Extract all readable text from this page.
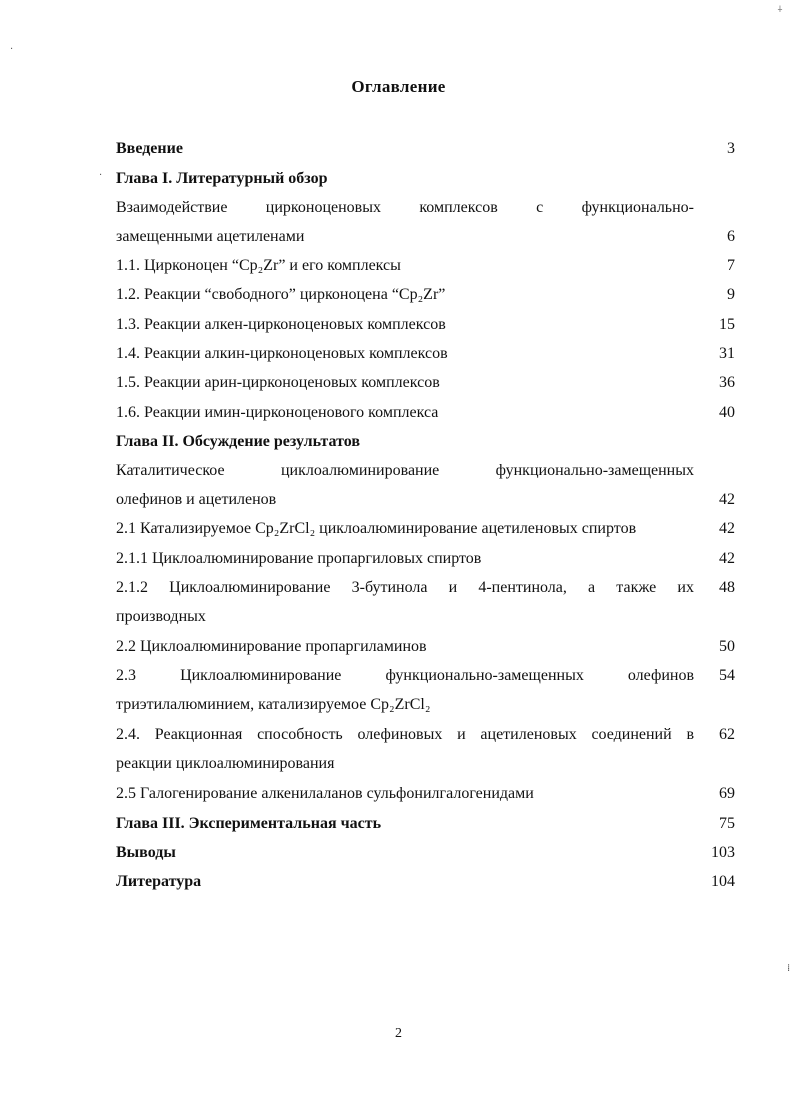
⍭
·
·
⁞
Оглавление
Введение	3
Глава I. Литературный обзор
Взаимодействие цирконоценовых комплексов с функционально-
замещенными ацетиленами	6
1.1. Цирконоцен “Cp₂Zr” и его комплексы	7
1.2. Реакции “свободного” цирконоцена “Cp₂Zr”	9
1.3. Реакции алкен-цирконоценовых комплексов	15
1.4. Реакции алкин-цирконоценовых комплексов	31
1.5. Реакции арин-цирконоценовых комплексов	36
1.6. Реакции имин-цирконоценового комплекса	40
Глава II. Обсуждение результатов
Каталитическое циклоалюминирование функционально-замещенных
олефинов и ацетиленов	42
2.1 Катализируемое Cp₂ZrCl₂ циклоалюминирование ацетиленовых спиртов	42
2.1.1 Циклоалюминирование пропаргиловых спиртов	42
2.1.2 Циклоалюминирование 3-бутинола и 4-пентинола, а также их 48
производных
2.2 Циклоалюминирование пропаргиламинов	50
2.3 Циклоалюминирование функционально-замещенных олефинов 54
триэтилалюминием, катализируемое Cp₂ZrCl₂
2.4. Реакционная способность олефиновых и ацетиленовых соединений в 62
реакции циклоалюминирования
2.5 Галогенирование алкенилаланов сульфонилгалогенидами	69
Глава III. Экспериментальная часть	75
Выводы	103
Литература	104
2
